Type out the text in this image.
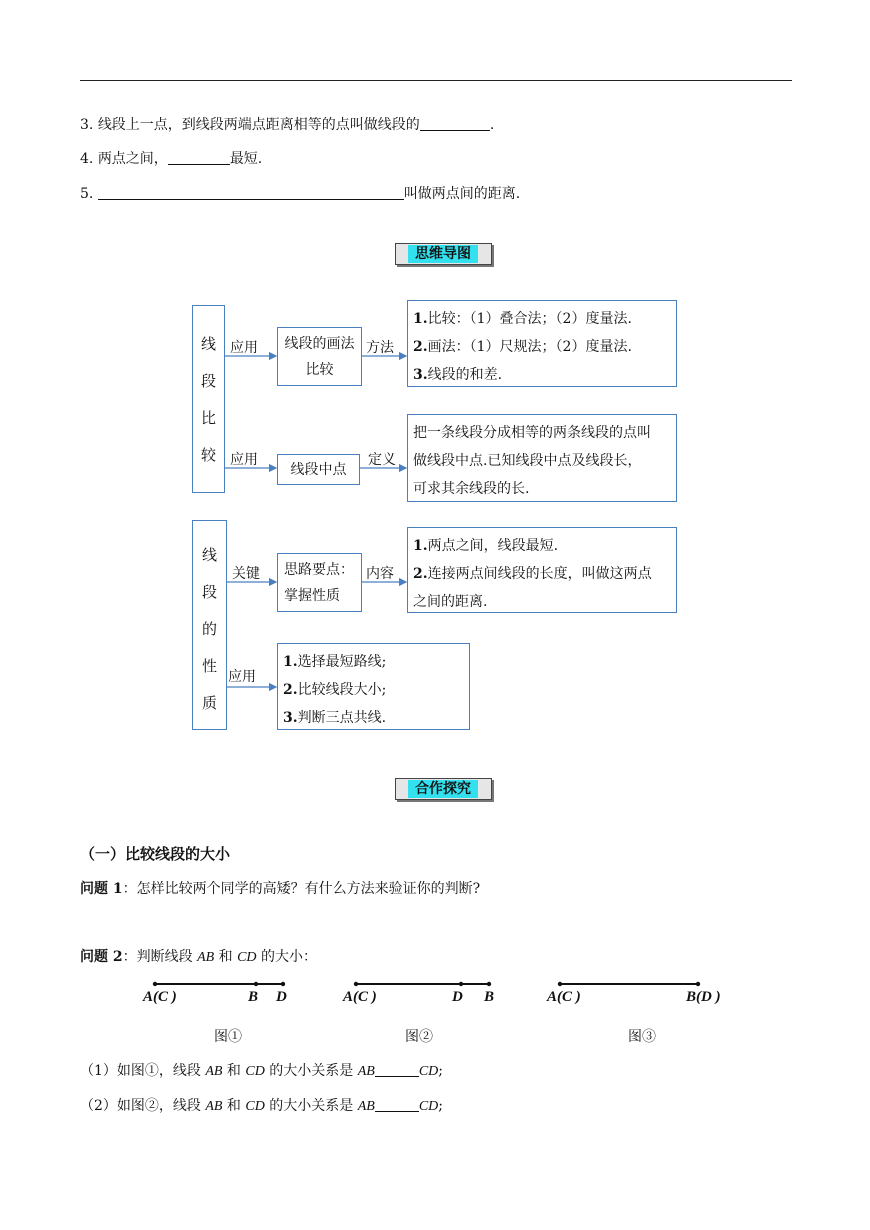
3. 线段上一点，到线段两端点距离相等的点叫做线段的	.
4. 两点之间，	最短.
5.	叫做两点间的距离.
思维导图
线
段
比
较
应用	线段的画法
比较
方法
1.比较：（1）叠合法；（2）度量法.
2.画法：（1）尺规法；（2）度量法.
3.线段的和差.
应用
线段中点
定义
把一条线段分成相等的两条线段的点叫
做线段中点.已知线段中点及线段长，
可求其余线段的长.
线
段
的
性
质
关键 思路要点：
掌握性质
内容
1.两点之间，线段最短.
2.连接两点间线段的长度，叫做这两点
之间的距离.
应用
1.选择最短路线;
2.比较线段大小;
3.判断三点共线.
合作探究
（一）比较线段的大小
问题 1：怎样比较两个同学的高矮？有什么方法来验证你的判断?
问题 2：判断线段 AB 和 CD 的大小：
A(C )	B D	A(C )	D B	A(C )	B(D )
图①	图②	图③
（1）如图①，线段 AB 和 CD 的大小关系是 AB	CD;
（2）如图②，线段 AB 和 CD 的大小关系是 AB	CD;
